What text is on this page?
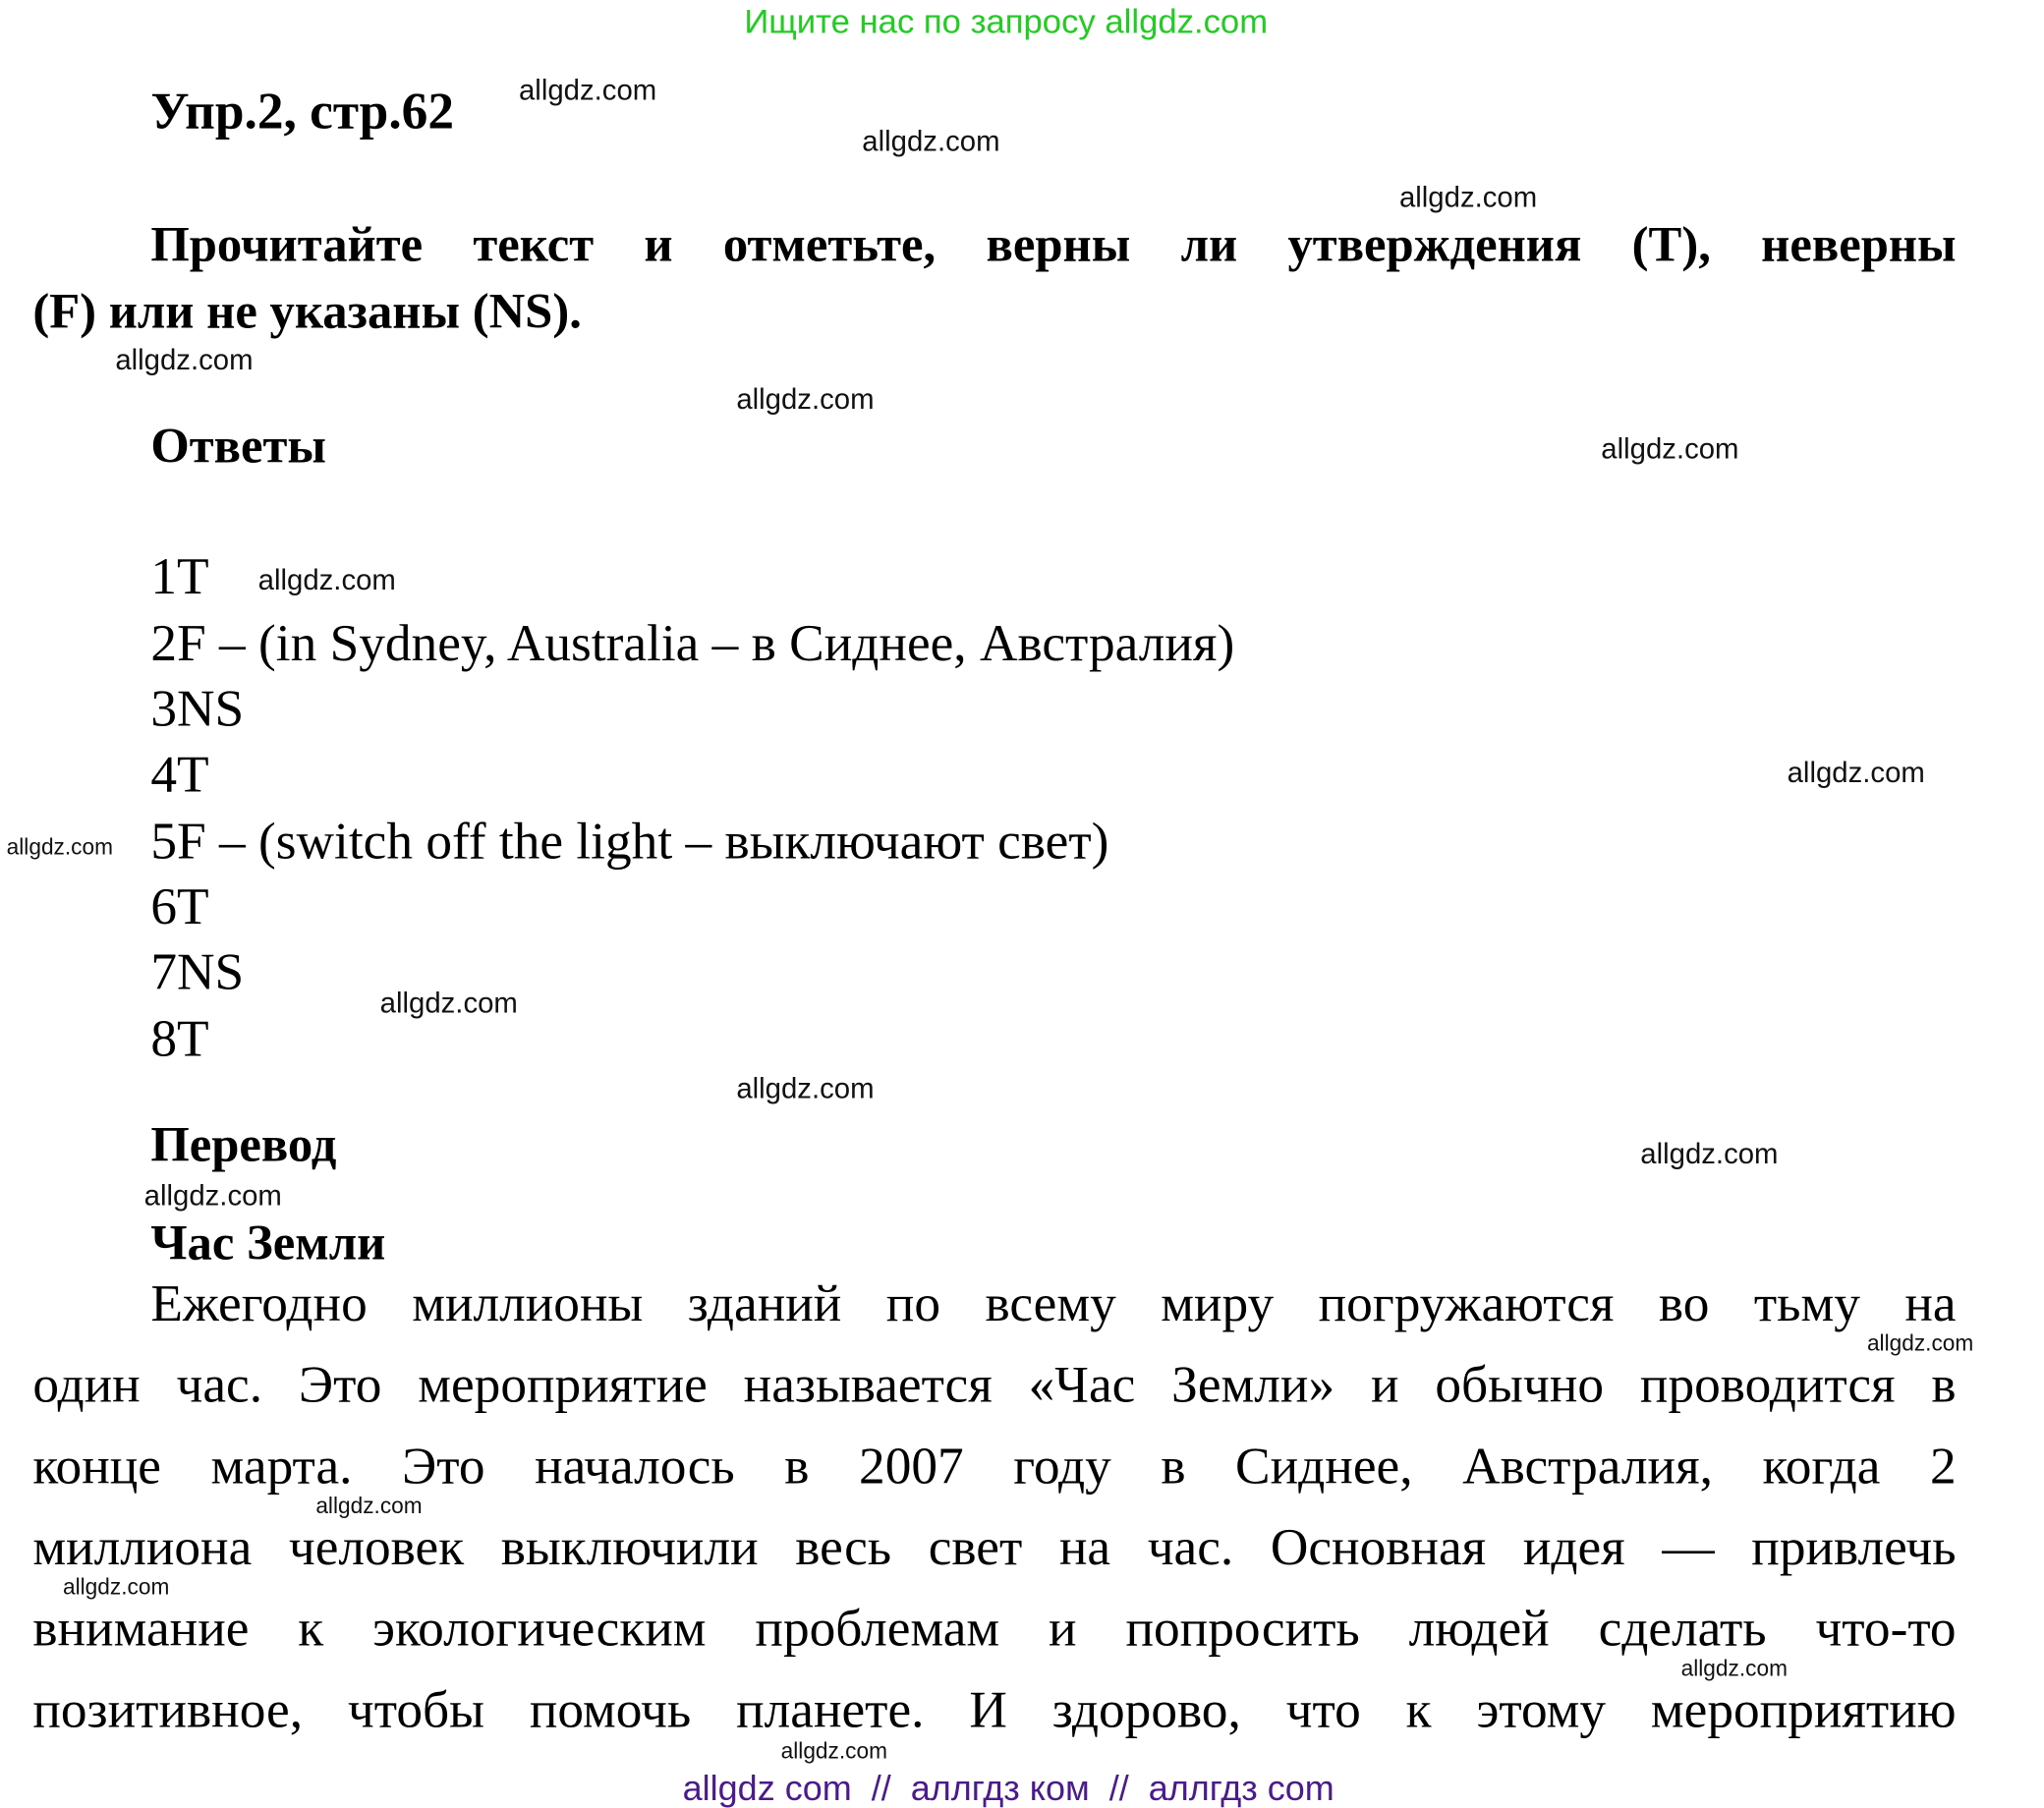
Ищите нас по запросу allgdz.com
Упр.2, стр.62
Прочитайте текст и отметьте, верны ли утверждения (T), неверны
(F) или не указаны (NS).
Ответы
1T
2F – (in Sydney, Australia – в Сиднее, Австралия)
3NS
4T
5F – (switch off the light – выключают свет)
6T
7NS
8T
Перевод
Час Земли
Ежегодно миллионы зданий по всему миру погружаются во тьму на
один час. Это мероприятие называется «Час Земли» и обычно проводится в
конце марта. Это началось в 2007 году в Сиднее, Австралия, когда 2
миллиона человек выключили весь свет на час. Основная идея — привлечь
внимание к экологическим проблемам и попросить людей сделать что-то
позитивное, чтобы помочь планете. И здорово, что к этому мероприятию
allgdz.com
allgdz.com
allgdz.com
allgdz.com
allgdz.com
allgdz.com
allgdz.com
allgdz.com
allgdz.com
allgdz.com
allgdz.com
allgdz.com
allgdz.com
allgdz.com
allgdz.com
allgdz.com
allgdz.com
allgdz.com
allgdz com  //  аллгдз ком  //  аллгдз com
